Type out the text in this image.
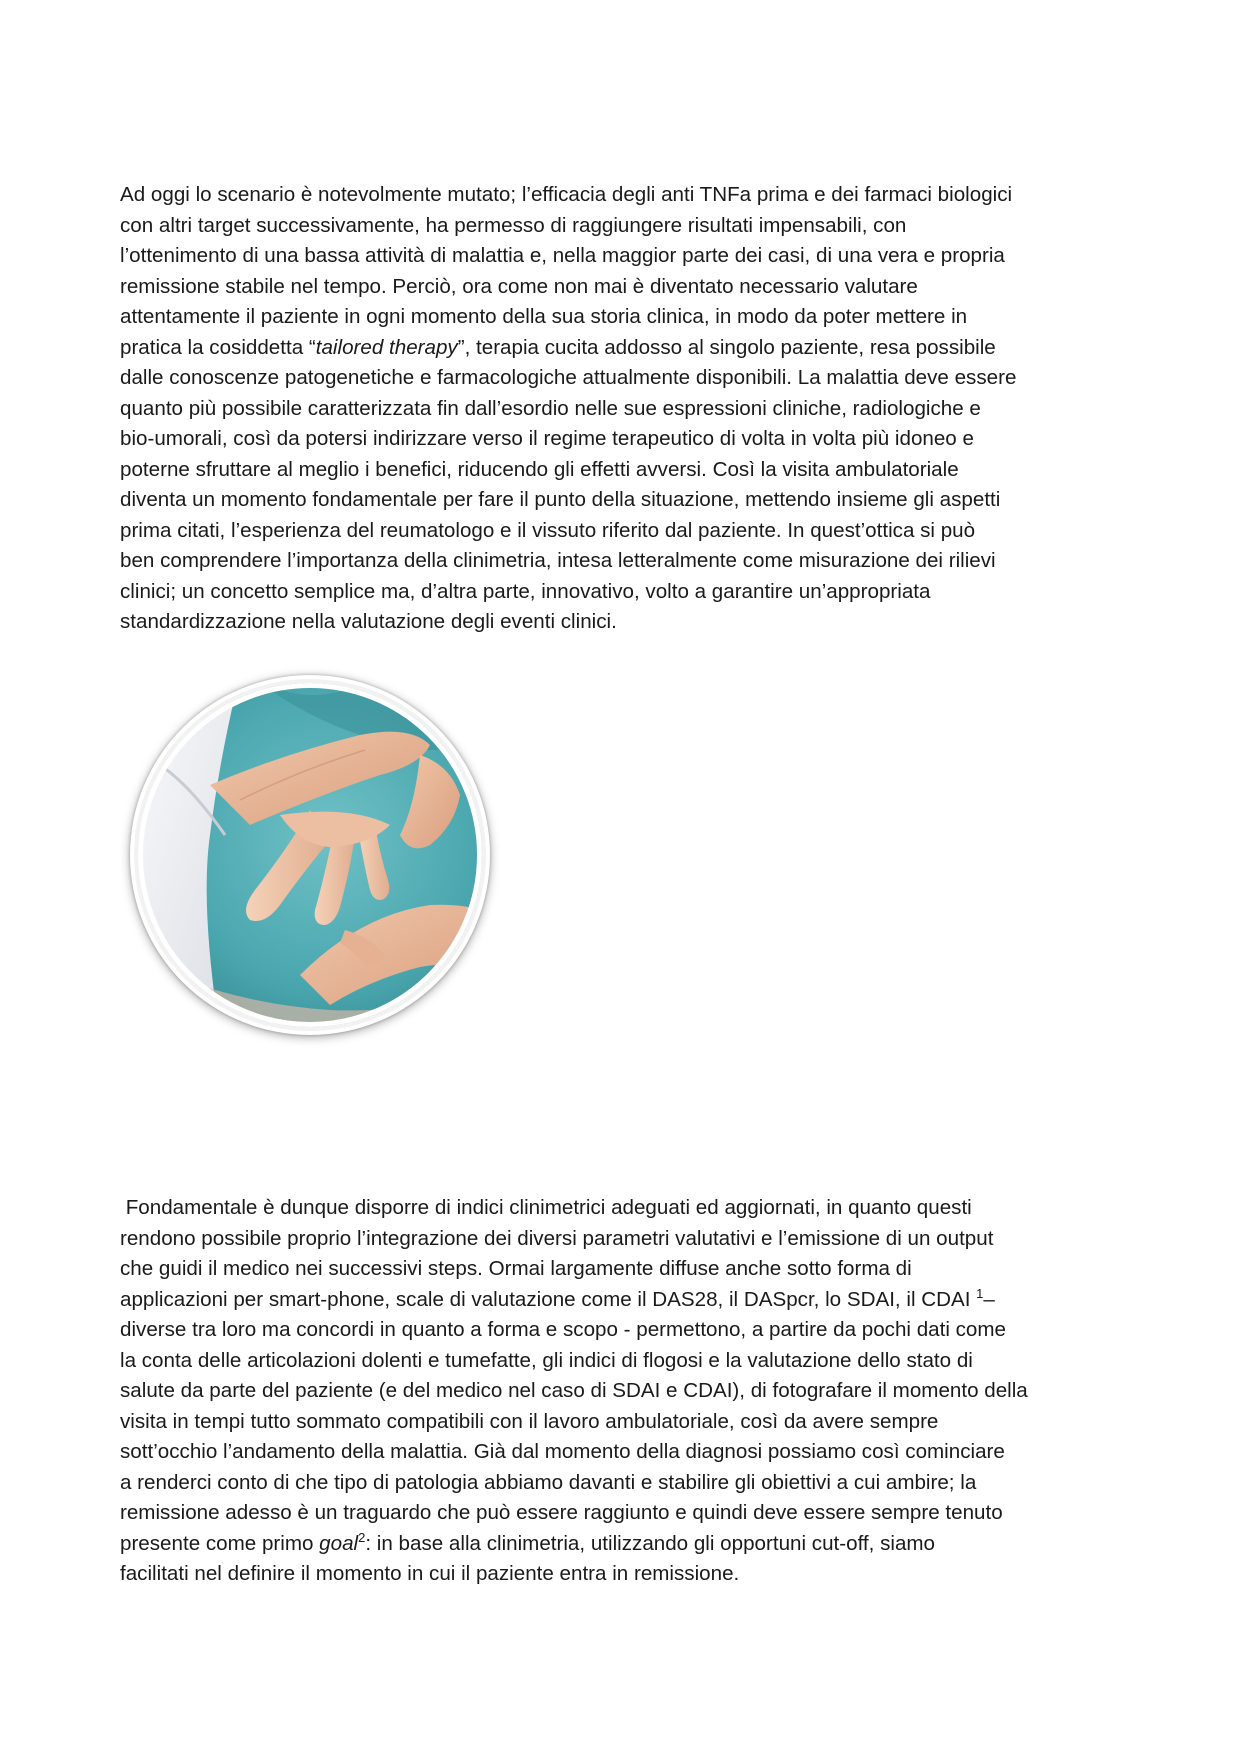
Ad oggi lo scenario è notevolmente mutato; l’efficacia degli anti TNFa prima e dei farmaci biologici
con altri target successivamente, ha permesso di raggiungere risultati impensabili, con
l’ottenimento di una bassa attività di malattia e, nella maggior parte dei casi, di una vera e propria
remissione stabile nel tempo. Perciò, ora come non mai è diventato necessario valutare
attentamente il paziente in ogni momento della sua storia clinica, in modo da poter mettere in
pratica la cosiddetta “tailored therapy”, terapia cucita addosso al singolo paziente, resa possibile
dalle conoscenze patogenetiche e farmacologiche attualmente disponibili. La malattia deve essere
quanto più possibile caratterizzata fin dall’esordio nelle sue espressioni cliniche, radiologiche e
bio-umorali, così da potersi indirizzare verso il regime terapeutico di volta in volta più idoneo e
poterne sfruttare al meglio i benefici, riducendo gli effetti avversi. Così la visita ambulatoriale
diventa un momento fondamentale per fare il punto della situazione, mettendo insieme gli aspetti
prima citati, l’esperienza del reumatologo e il vissuto riferito dal paziente. In quest’ottica si può
ben comprendere l’importanza della clinimetria, intesa letteralmente come misurazione dei rilievi
clinici; un concetto semplice ma, d’altra parte, innovativo, volto a garantire un’appropriata
standardizzazione nella valutazione degli eventi clinici.

Fondamentale è dunque disporre di indici clinimetrici adeguati ed aggiornati, in quanto questi
rendono possibile proprio l’integrazione dei diversi parametri valutativi e l’emissione di un output
che guidi il medico nei successivi steps. Ormai largamente diffuse anche sotto forma di
applicazioni per smart-phone, scale di valutazione come il DAS28, il DASpcr, lo SDAI, il CDAI $^1$–
diverse tra loro ma concordi in quanto a forma e scopo - permettono, a partire da pochi dati come
la conta delle articolazioni dolenti e tumefatte, gli indici di flogosi e la valutazione dello stato di
salute da parte del paziente (e del medico nel caso di SDAI e CDAI), di fotografare il momento della
visita in tempi tutto sommato compatibili con il lavoro ambulatoriale, così da avere sempre
sott’occhio l’andamento della malattia. Già dal momento della diagnosi possiamo così cominciare
a renderci conto di che tipo di patologia abbiamo davanti e stabilire gli obiettivi a cui ambire; la
remissione adesso è un traguardo che può essere raggiunto e quindi deve essere sempre tenuto
presente come primo goal$^2$: in base alla clinimetria, utilizzando gli opportuni cut-off, siamo
facilitati nel definire il momento in cui il paziente entra in remissione.
